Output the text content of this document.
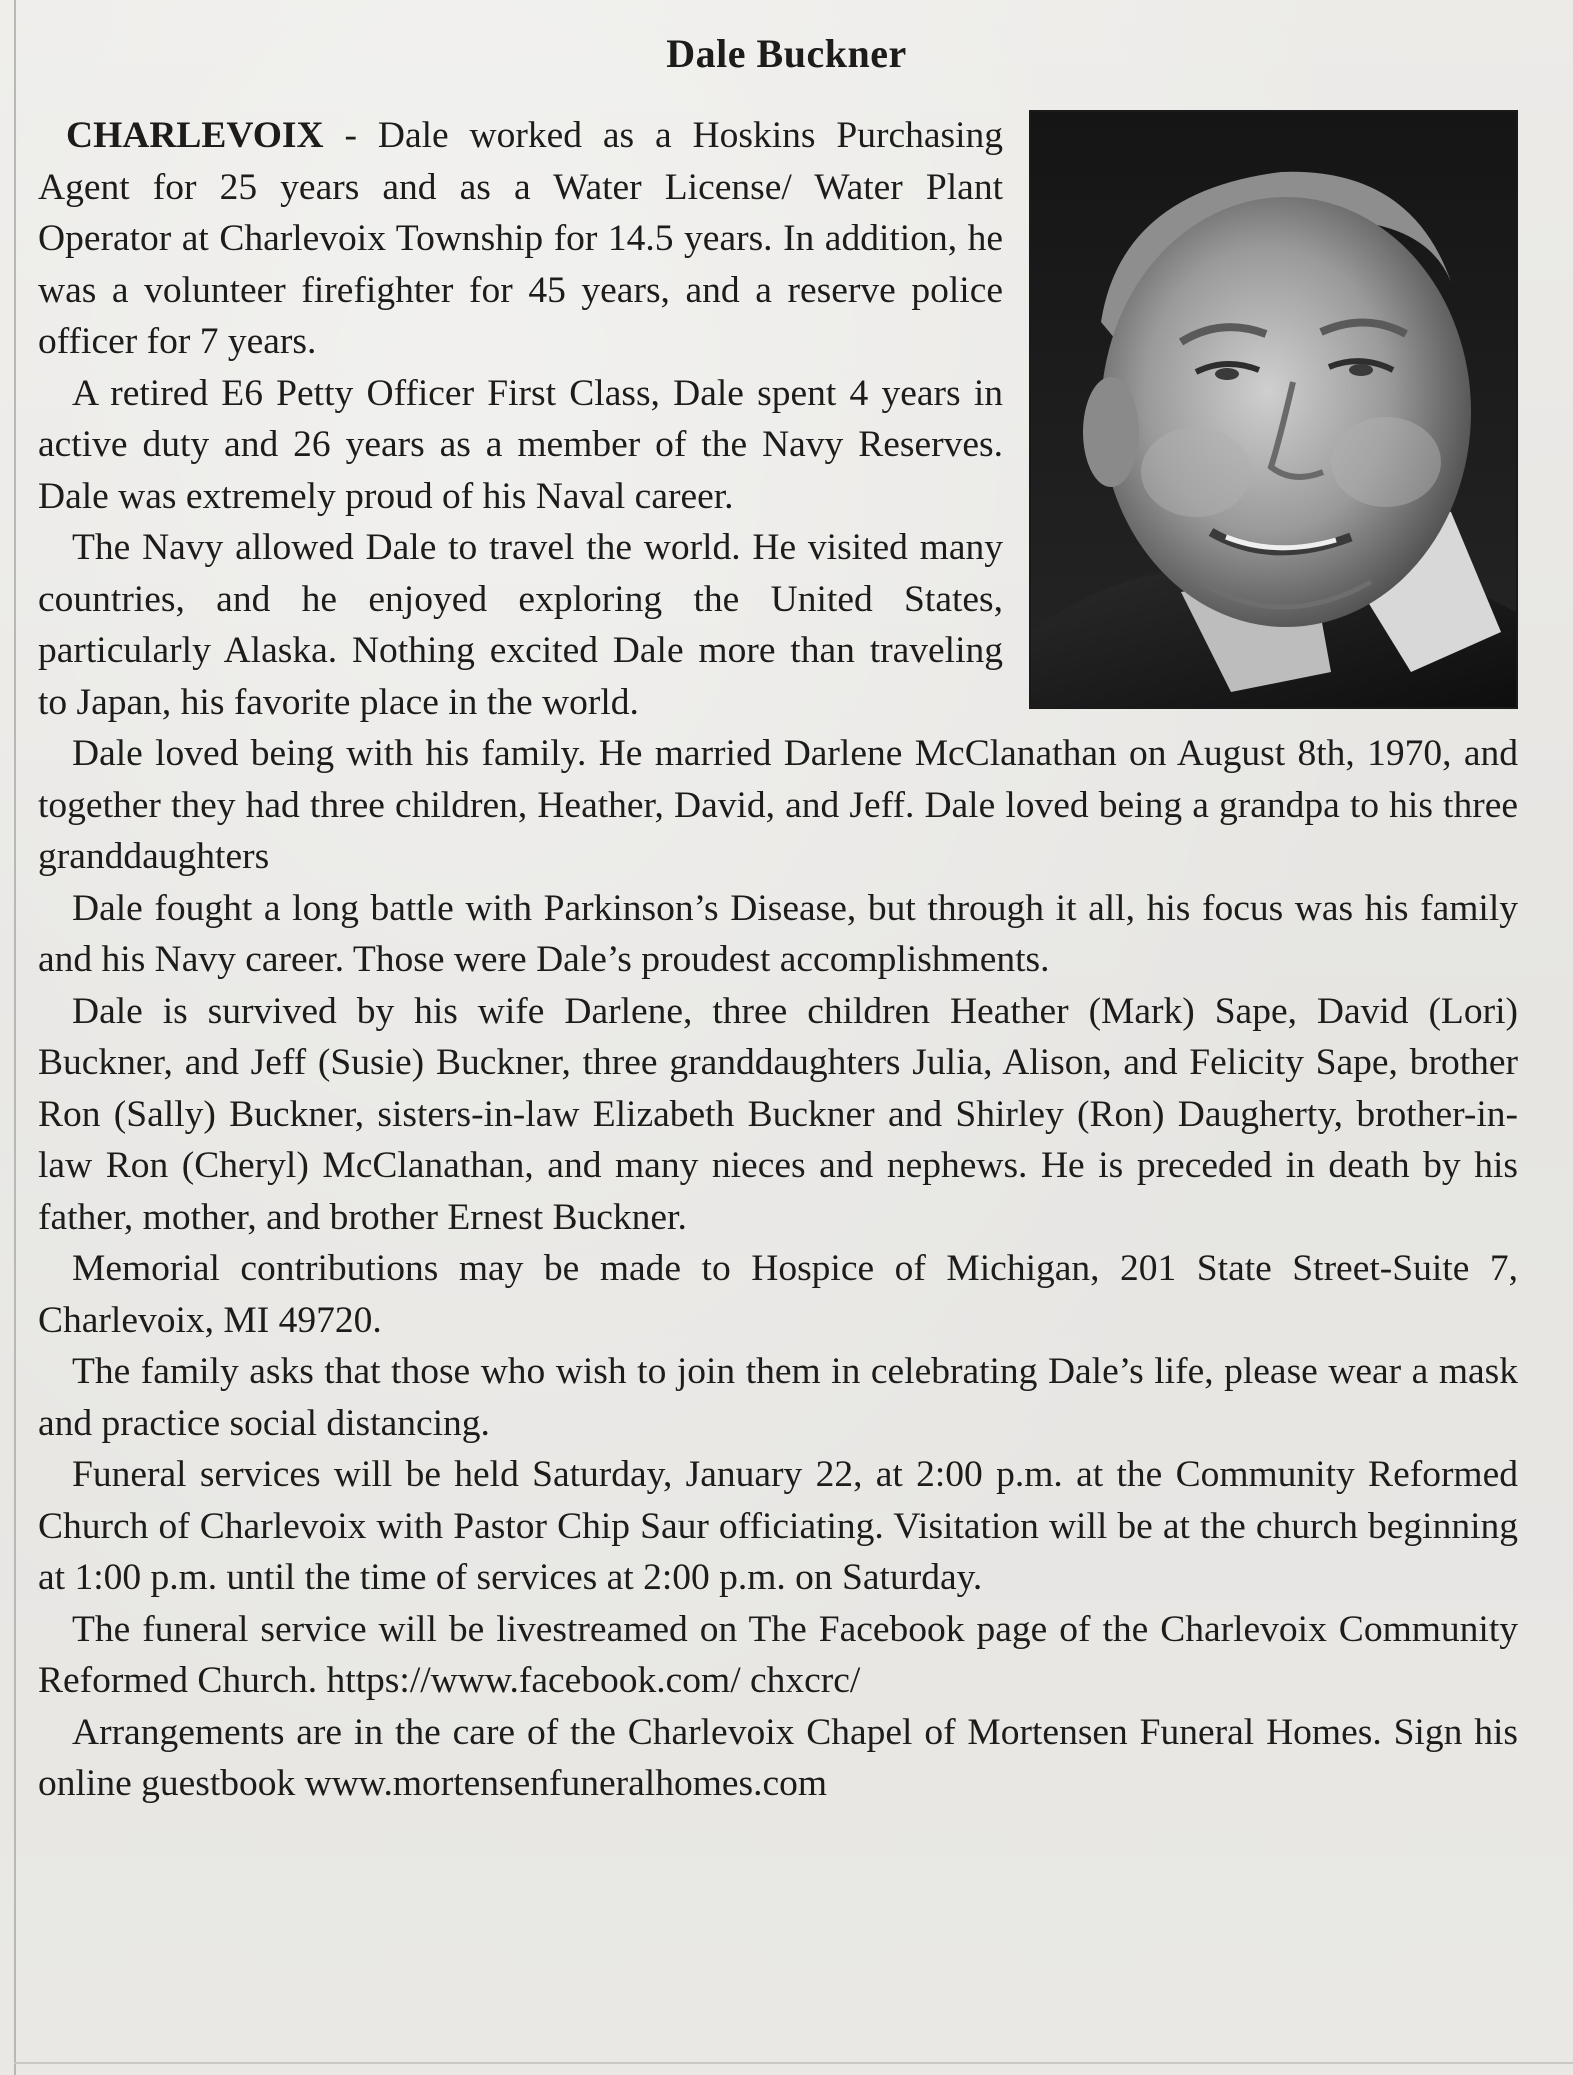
Dale Buckner

CHARLEVOIX - Dale worked as a Hoskins Purchasing Agent for 25 years and as a Water License/ Water Plant Operator at Charlevoix Township for 14.5 years. In addition, he was a volunteer firefighter for 45 years, and a reserve police officer for 7 years.

A retired E6 Petty Officer First Class, Dale spent 4 years in active duty and 26 years as a member of the Navy Reserves. Dale was extremely proud of his Naval career.

The Navy allowed Dale to travel the world. He visited many countries, and he enjoyed exploring the United States, particularly Alaska. Nothing excited Dale more than traveling to Japan, his favorite place in the world.

Dale loved being with his family. He married Darlene McClanathan on August 8th, 1970, and together they had three children, Heather, David, and Jeff. Dale loved being a grandpa to his three granddaughters

Dale fought a long battle with Parkinson’s Disease, but through it all, his focus was his family and his Navy career. Those were Dale’s proudest accomplishments.

Dale is survived by his wife Darlene, three children Heather (Mark) Sape, David (Lori) Buckner, and Jeff (Susie) Buckner, three granddaughters Julia, Alison, and Felicity Sape, brother Ron (Sally) Buckner, sisters-in-law Elizabeth Buckner and Shirley (Ron) Daugherty, brother-in-law Ron (Cheryl) McClanathan, and many nieces and nephews. He is preceded in death by his father, mother, and brother Ernest Buckner.

Memorial contributions may be made to Hospice of Michigan, 201 State Street-Suite 7, Charlevoix, MI 49720.

The family asks that those who wish to join them in celebrating Dale’s life, please wear a mask and practice social distancing.

Funeral services will be held Saturday, January 22, at 2:00 p.m. at the Community Reformed Church of Charlevoix with Pastor Chip Saur officiating. Visitation will be at the church beginning at 1:00 p.m. until the time of services at 2:00 p.m. on Saturday.

The funeral service will be livestreamed on The Facebook page of the Charlevoix Community Reformed Church. https://www.facebook.com/ chxcrc/

Arrangements are in the care of the Charlevoix Chapel of Mortensen Funeral Homes. Sign his online guestbook www.mortensenfuneralhomes.com
